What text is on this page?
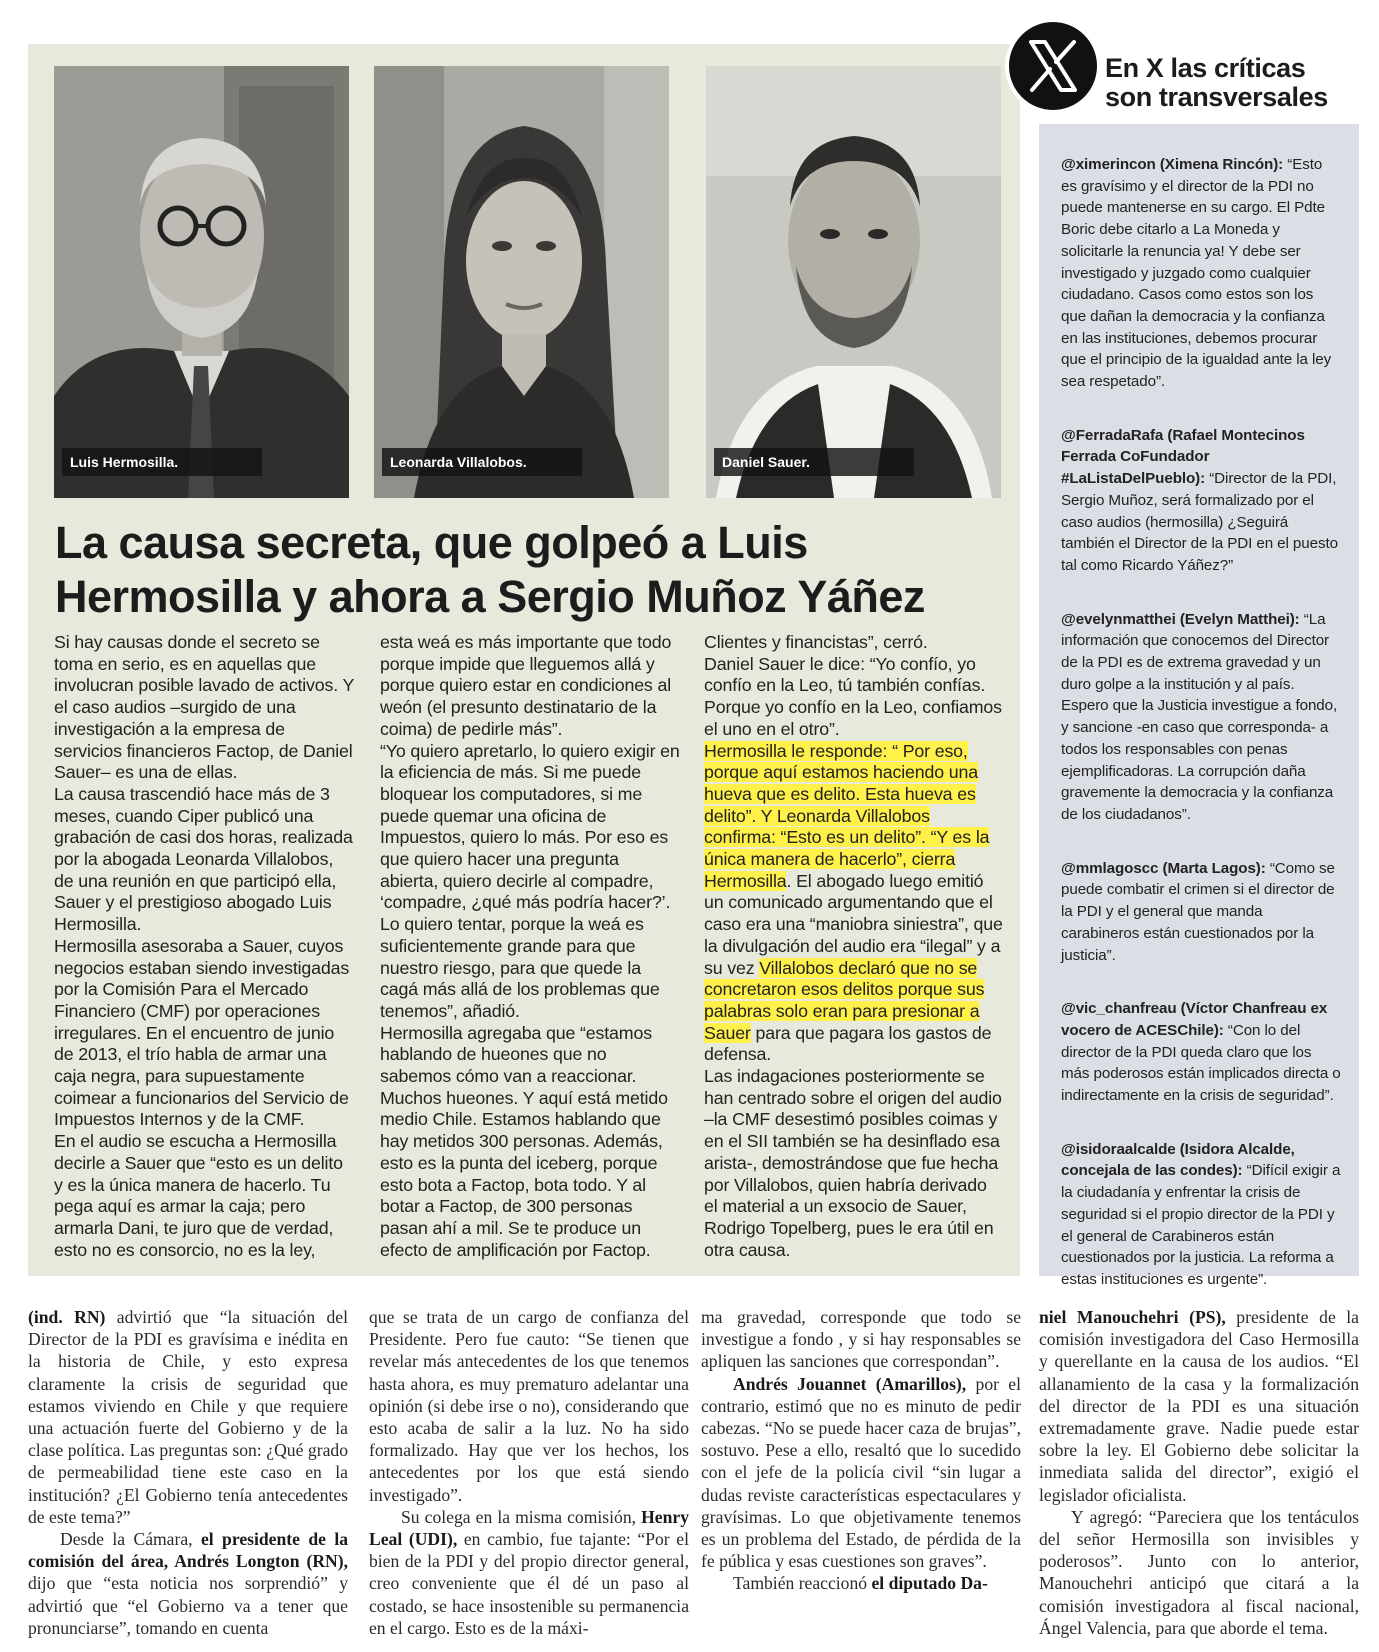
Luis Hermosilla.	Leonarda Villalobos.	Daniel Sauer.
La causa secreta, que golpeó a Luis Hermosilla y ahora a Sergio Muñoz Yáñez

Si hay causas donde el secreto se toma en serio, es en aquellas que involucran posible lavado de activos. Y el caso audios –surgido de una investigación a la empresa de servicios financieros Factop, de Daniel Sauer– es una de ellas.

La causa trascendió hace más de 3 meses, cuando Ciper publicó una grabación de casi dos horas, realizada por la abogada Leonarda Villalobos, de una reunión en que participó ella, Sauer y el prestigioso abogado Luis Hermosilla.

Hermosilla asesoraba a Sauer, cuyos negocios estaban siendo investigadas por la Comisión Para el Mercado Financiero (CMF) por operaciones irregulares. En el encuentro de junio de 2013, el trío habla de armar una caja negra, para supuestamente coimear a funcionarios del Servicio de Impuestos Internos y de la CMF.

En el audio se escucha a Hermosilla decirle a Sauer que “esto es un delito y es la única manera de hacerlo. Tu pega aquí es armar la caja; pero armarla Dani, te juro que de verdad, esto no es consorcio, no es la ley,

esta weá es más importante que todo porque impide que lleguemos allá y porque quiero estar en condiciones al weón (el presunto destinatario de la coima) de pedirle más”.

“Yo quiero apretarlo, lo quiero exigir en la eficiencia de más. Si me puede bloquear los computadores, si me puede quemar una oficina de Impuestos, quiero lo más. Por eso es que quiero hacer una pregunta abierta, quiero decirle al compadre, ‘compadre, ¿qué más podría hacer?’. Lo quiero tentar, porque la weá es suficientemente grande para que nuestro riesgo, para que quede la cagá más allá de los problemas que tenemos”, añadió.

Hermosilla agregaba que “estamos hablando de hueones que no sabemos cómo van a reaccionar. Muchos hueones. Y aquí está metido medio Chile. Estamos hablando que hay metidos 300 personas. Además, esto es la punta del iceberg, porque esto bota a Factop, bota todo. Y al botar a Factop, de 300 personas pasan ahí a mil. Se te produce un efecto de amplificación por Factop.

Clientes y financistas”, cerró.

Daniel Sauer le dice: “Yo confío, yo confío en la Leo, tú también confías. Porque yo confío en la Leo, confiamos el uno en el otro”.

Hermosilla le responde: “ Por eso, porque aquí estamos haciendo una hueva que es delito. Esta hueva es delito”. Y Leonarda Villalobos confirma: “Esto es un delito”. “Y es la única manera de hacerlo”, cierra Hermosilla. El abogado luego emitió un comunicado argumentando que el caso era una “maniobra siniestra”, que la divulgación del audio era “ilegal” y a su vez Villalobos declaró que no se concretaron esos delitos porque sus palabras solo eran para presionar a Sauer para que pagara los gastos de defensa.

Las indagaciones posteriormente se han centrado sobre el origen del audio –la CMF desestimó posibles coimas y en el SII también se ha desinflado esa arista-, demostrándose que fue hecha por Villalobos, quien habría derivado el material a un exsocio de Sauer, Rodrigo Topelberg, pues le era útil en otra causa.

En X las críticas son transversales

@ximerincon (Ximena Rincón): “Esto es gravísimo y el director de la PDI no puede mantenerse en su cargo. El Pdte Boric debe citarlo a La Moneda y solicitarle la renuncia ya! Y debe ser investigado y juzgado como cualquier ciudadano. Casos como estos son los que dañan la democracia y la confianza en las instituciones, debemos procurar que el principio de la igualdad ante la ley sea respetado”.

@FerradaRafa (Rafael Montecinos Ferrada CoFundador #LaListaDelPueblo): “Director de la PDI, Sergio Muñoz, será formalizado por el caso audios (hermosilla) ¿Seguirá también el Director de la PDI en el puesto tal como Ricardo Yáñez?”

@evelynmatthei (Evelyn Matthei): “La información que conocemos del Director de la PDI es de extrema gravedad y un duro golpe a la institución y al país. Espero que la Justicia investigue a fondo, y sancione -en caso que corresponda- a todos los responsables con penas ejemplificadoras. La corrupción daña gravemente la democracia y la confianza de los ciudadanos”.

@mmlagoscc (Marta Lagos): “Como se puede combatir el crimen si el director de la PDI y el general que manda carabineros están cuestionados por la justicia”.

@vic_chanfreau (Víctor Chanfreau ex vocero de ACESChile): “Con lo del director de la PDI queda claro que los más poderosos están implicados directa o indirectamente en la crisis de seguridad”.

@isidoraalcalde (Isidora Alcalde, concejala de las condes): “Difícil exigir a la ciudadanía y enfrentar la crisis de seguridad si el propio director de la PDI y el general de Carabineros están cuestionados por la justicia. La reforma a estas instituciones es urgente”.

(ind. RN) advirtió que “la situación del Director de la PDI es gravísima e inédita en la historia de Chile, y esto expresa claramente la crisis de seguridad que estamos viviendo en Chile y que requiere una actuación fuerte del Gobierno y de la clase política. Las preguntas son: ¿Qué grado de permeabilidad tiene este caso en la institución? ¿El Gobierno tenía antecedentes de este tema?”

Desde la Cámara, el presidente de la comisión del área, Andrés Longton (RN), dijo que “esta noticia nos sorprendió” y advirtió que “el Gobierno va a tener que pronunciarse”, tomando en cuenta

que se trata de un cargo de confianza del Presidente. Pero fue cauto: “Se tienen que revelar más antecedentes de los que tenemos hasta ahora, es muy prematuro adelantar una opinión (si debe irse o no), considerando que esto acaba de salir a la luz. No ha sido formalizado. Hay que ver los hechos, los antecedentes por los que está siendo investigado”.

Su colega en la misma comisión, Henry Leal (UDI), en cambio, fue tajante: “Por el bien de la PDI y del propio director general, creo conveniente que él dé un paso al costado, se hace insostenible su permanencia en el cargo. Esto es de la máxi-

ma gravedad, corresponde que todo se investigue a fondo , y si hay responsables se apliquen las sanciones que correspondan”.

Andrés Jouannet (Amarillos), por el contrario, estimó que no es minuto de pedir cabezas. “No se puede hacer caza de brujas”, sostuvo. Pese a ello, resaltó que lo sucedido con el jefe de la policía civil “sin lugar a dudas reviste características espectaculares y gravísimas. Lo que objetivamente tenemos es un problema del Estado, de pérdida de la fe pública y esas cuestiones son graves”.

También reaccionó el diputado Da-

niel Manouchehri (PS), presidente de la comisión investigadora del Caso Hermosilla y querellante en la causa de los audios. “El allanamiento de la casa y la formalización del director de la PDI es una situación extremadamente grave. Nadie puede estar sobre la ley. El Gobierno debe solicitar la inmediata salida del director”, exigió el legislador oficialista.

Y agregó: “Pareciera que los tentáculos del señor Hermosilla son invisibles y poderosos”. Junto con lo anterior, Manouchehri anticipó que citará a la comisión investigadora al fiscal nacional, Ángel Valencia, para que aborde el tema.
